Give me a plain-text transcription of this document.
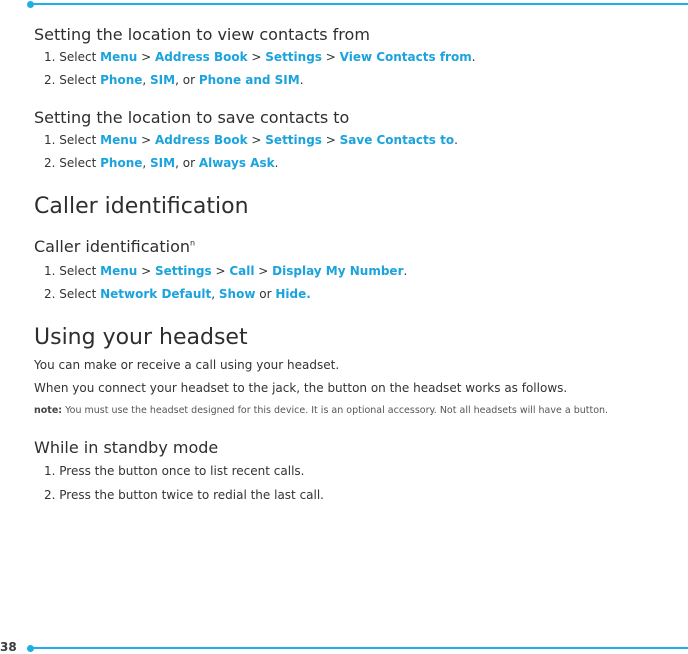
Setting the location to view contacts from
1. Select Menu > Address Book > Settings > View Contacts from.
2. Select Phone, SIM, or Phone and SIM.
Setting the location to save contacts to
1. Select Menu > Address Book > Settings > Save Contacts to.
2. Select Phone, SIM, or Always Ask.
Caller identification
Caller identification$^n$
1. Select Menu > Settings > Call > Display My Number.
2. Select Network Default, Show or Hide.
Using your headset
You can make or receive a call using your headset.
When you connect your headset to the jack, the button on the headset works as follows.
note: You must use the headset designed for this device. It is an optional accessory. Not all headsets will have a button.
While in standby mode
1. Press the button once to list recent calls.
2. Press the button twice to redial the last call.
38
